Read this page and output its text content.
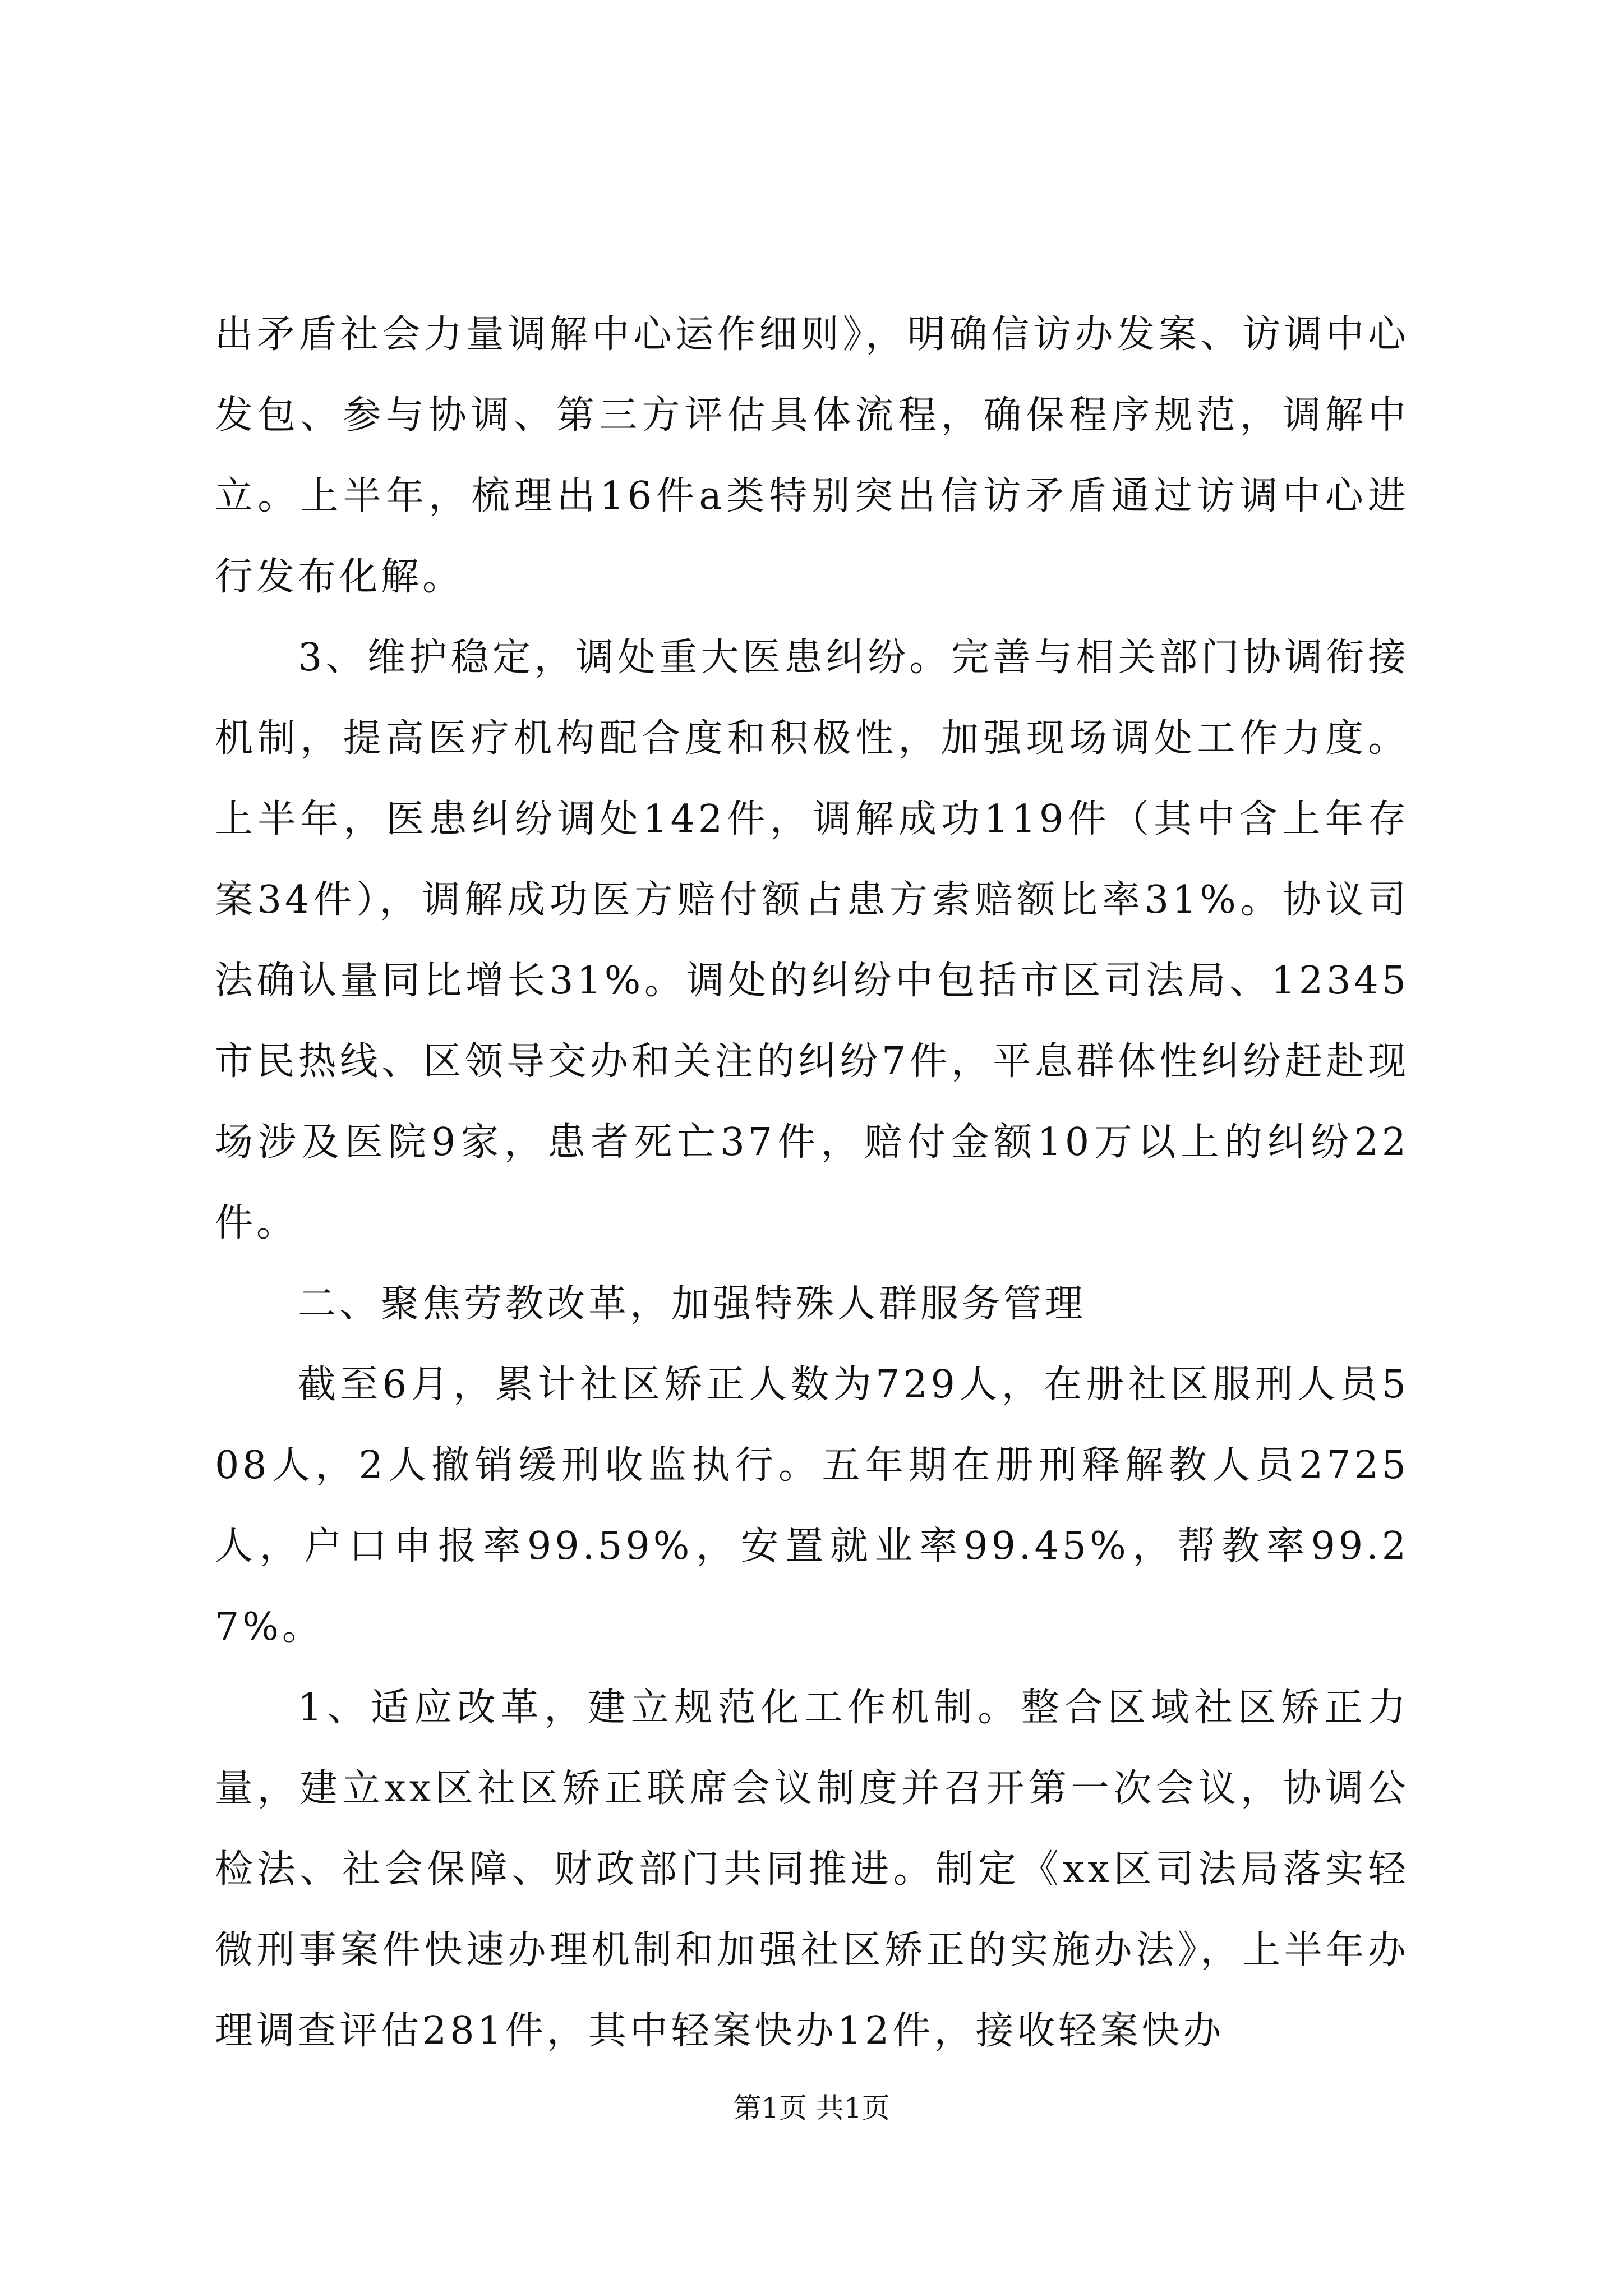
出矛盾社会力量调解中心运作细则》，明确信访办发案、访调中心发包、参与协调、第三方评估具体流程，确保程序规范，调解中立。上半年，梳理出16件a类特别突出信访矛盾通过访调中心进行发布化解。

3、维护稳定，调处重大医患纠纷。完善与相关部门协调衔接机制，提高医疗机构配合度和积极性，加强现场调处工作力度。上半年，医患纠纷调处142件，调解成功119件（其中含上年存案34件），调解成功医方赔付额占患方索赔额比率31%。协议司法确认量同比增长31%。调处的纠纷中包括市区司法局、12345市民热线、区领导交办和关注的纠纷7件，平息群体性纠纷赶赴现场涉及医院9家，患者死亡37件，赔付金额10万以上的纠纷22件。

二、聚焦劳教改革，加强特殊人群服务管理

截至6月，累计社区矫正人数为729人，在册社区服刑人员508人，2人撤销缓刑收监执行。五年期在册刑释解教人员2725人，户口申报率99.59%，安置就业率99.45%，帮教率99.27%。

1、适应改革，建立规范化工作机制。整合区域社区矫正力量，建立xx区社区矫正联席会议制度并召开第一次会议，协调公检法、社会保障、财政部门共同推进。制定《xx区司法局落实轻微刑事案件快速办理机制和加强社区矫正的实施办法》，上半年办理调查评估281件，其中轻案快办12件，接收轻案快办

第1页 共1页
